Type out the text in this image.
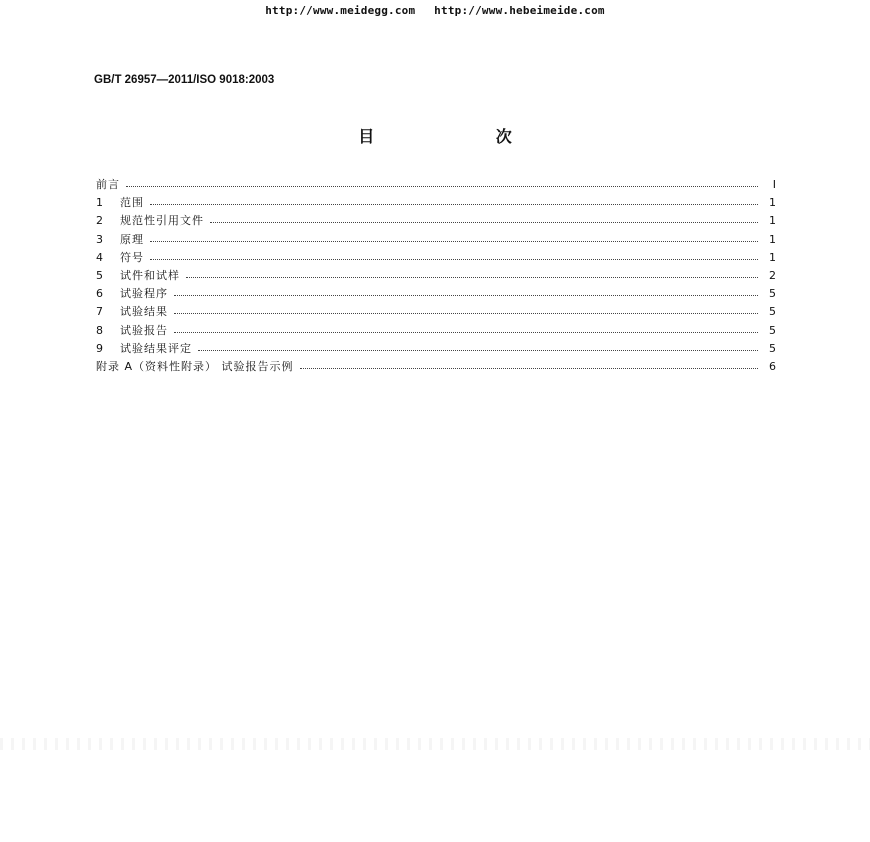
http://www.meidegg.com http://www.hebeimeide.com
GB/T 26957—2011/ISO 9018:2003
目 次
前言	I
1	范围	1
2	规范性引用文件	1
3	原理	1
4	符号	1
5	试件和试样	2
6	试验程序	5
7	试验结果	5
8	试验报告	5
9	试验结果评定	5
附录 A（资料性附录） 试验报告示例	6
